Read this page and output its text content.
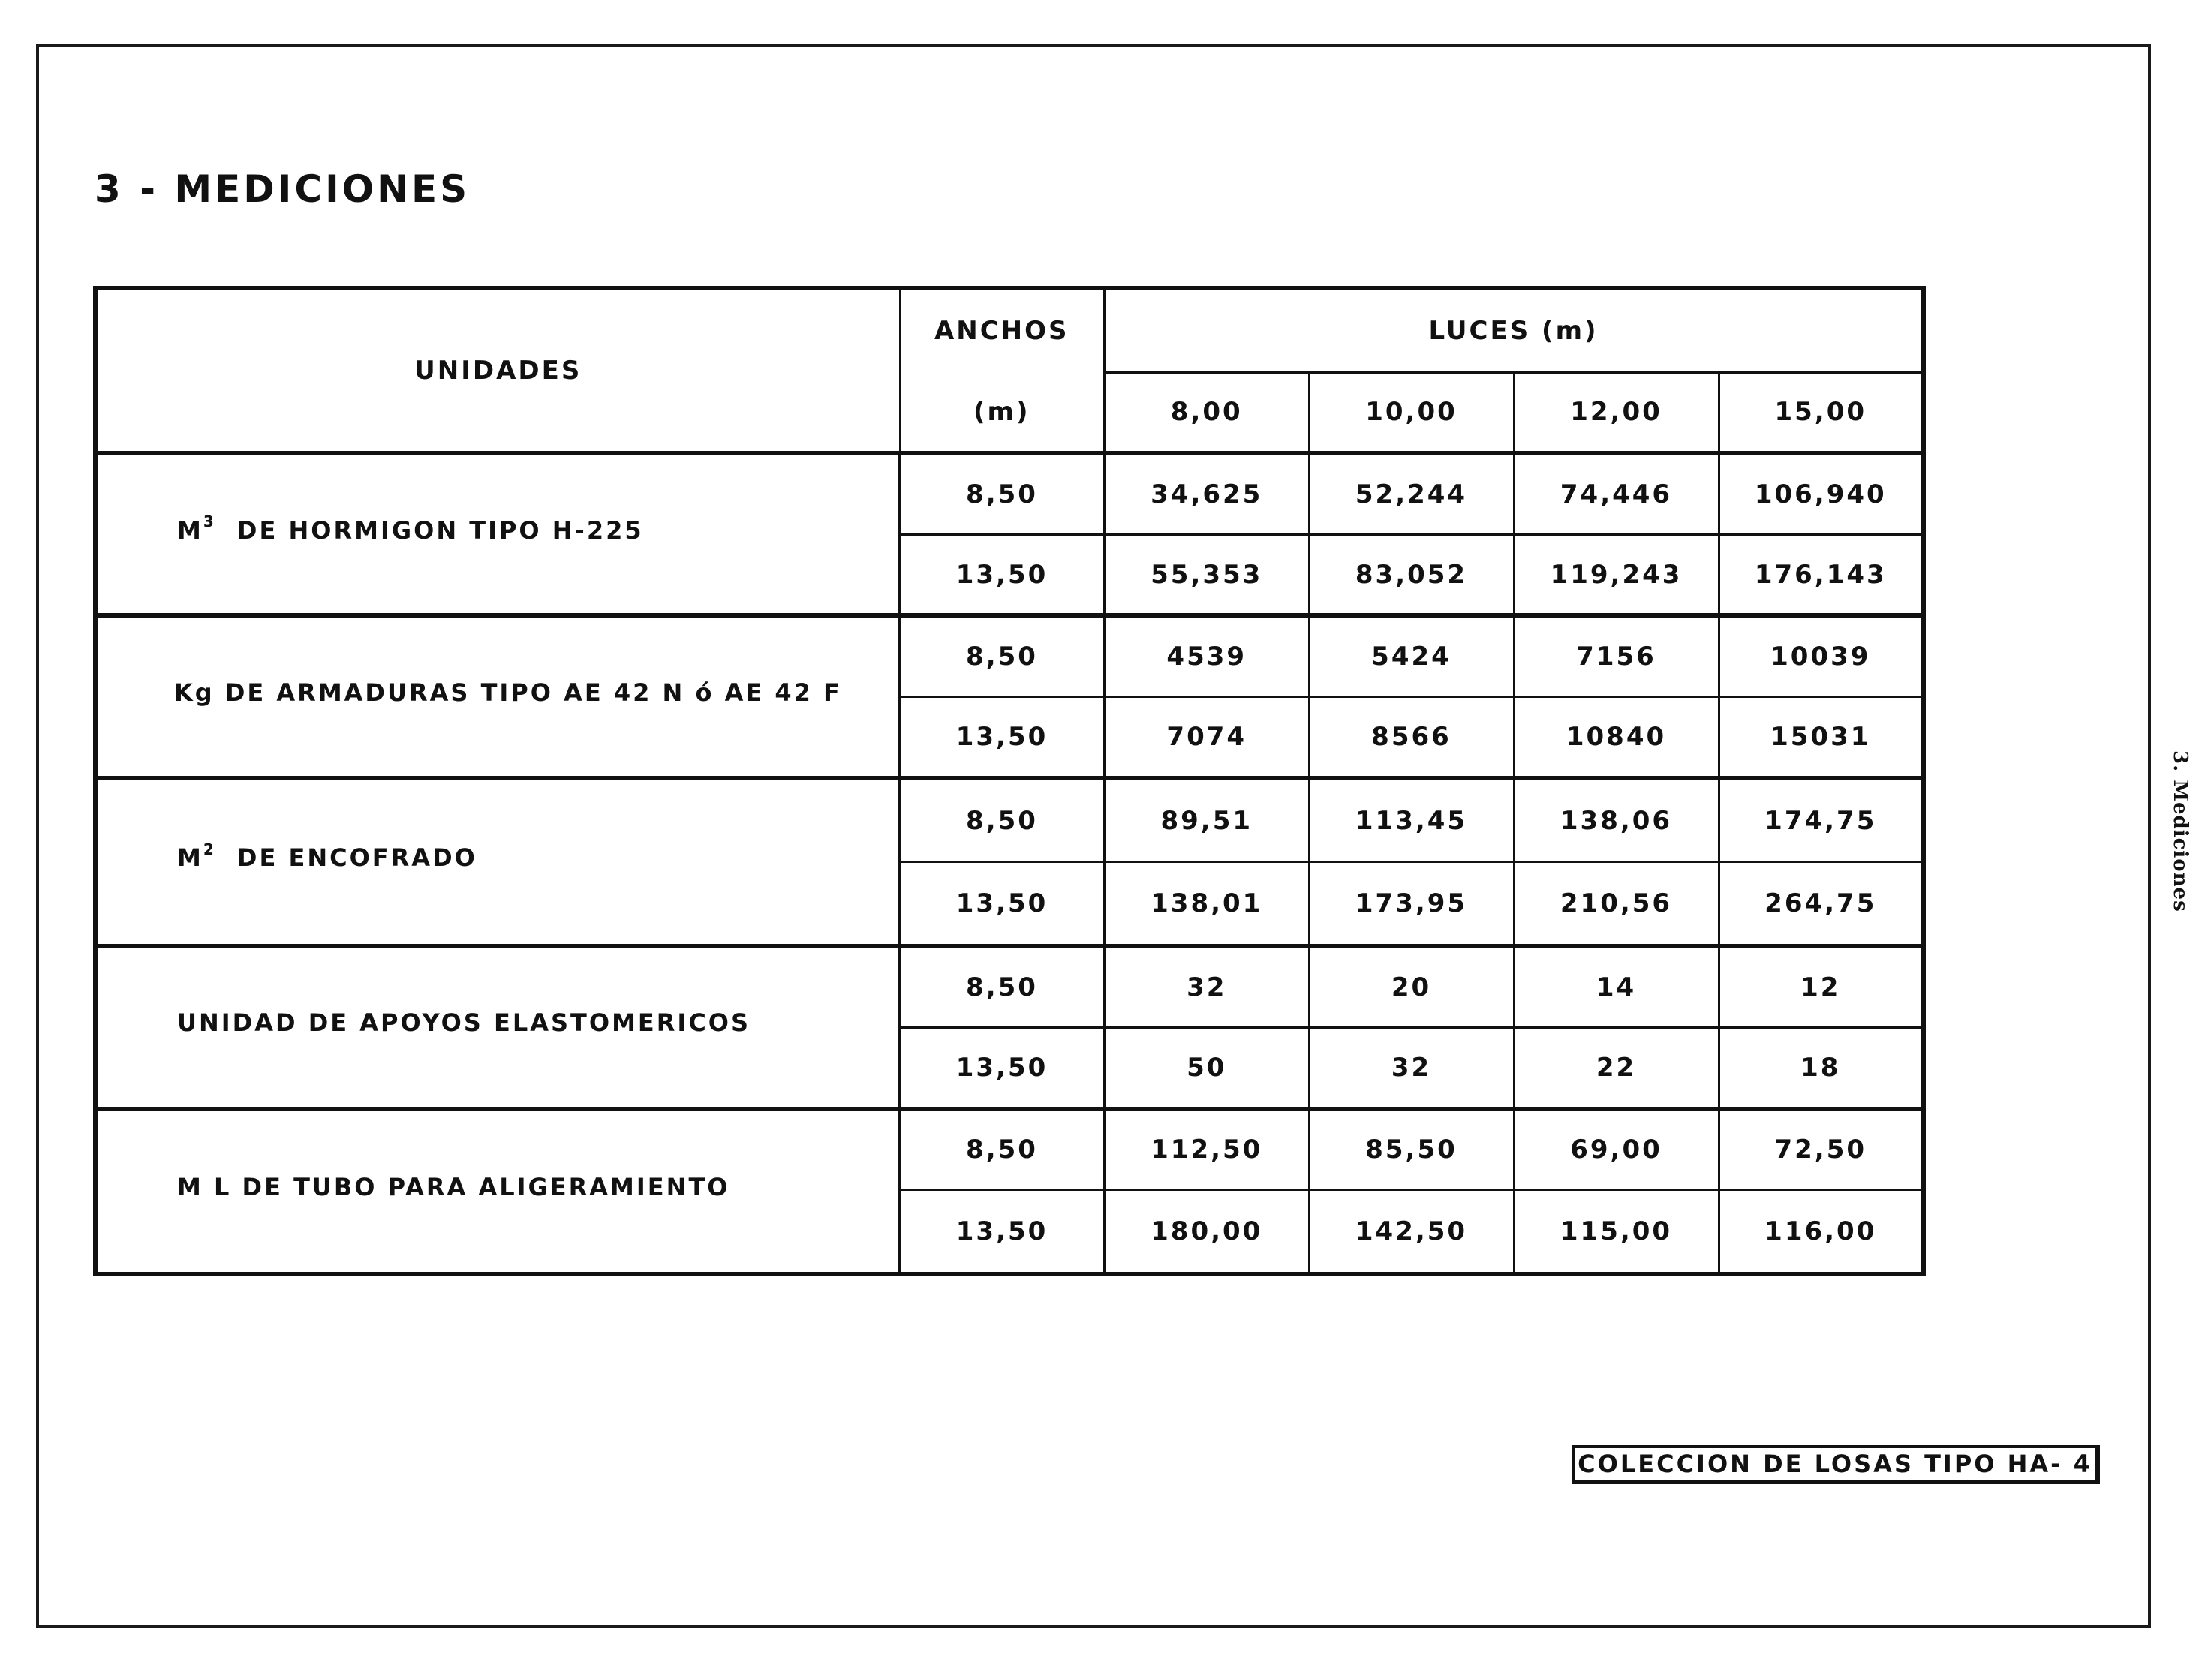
3 - MEDICIONES
UNIDADES	ANCHOS	LUCES (m)			
	(m)	8,00	10,00	12,00	15,00
$M^3$ DE HORMIGON TIPO H-225	8,50	34,625	52,244	74,446	106,940
	13,50	55,353	83,052	119,243	176,143
Kg DE ARMADURAS TIPO AE 42 N ó AE 42 F	8,50	4539	5424	7156	10039
	13,50	7074	8566	10840	15031
$M^2$ DE ENCOFRADO	8,50	89,51	113,45	138,06	174,75
	13,50	138,01	173,95	210,56	264,75
UNIDAD DE APOYOS ELASTOMERICOS	8,50	32	20	14	12
	13,50	50	32	22	18
M L DE TUBO PARA ALIGERAMIENTO	8,50	112,50	85,50	69,00	72,50
	13,50	180,00	142,50	115,00	116,00
COLECCION DE LOSAS TIPO HA- 4
3. Mediciones
